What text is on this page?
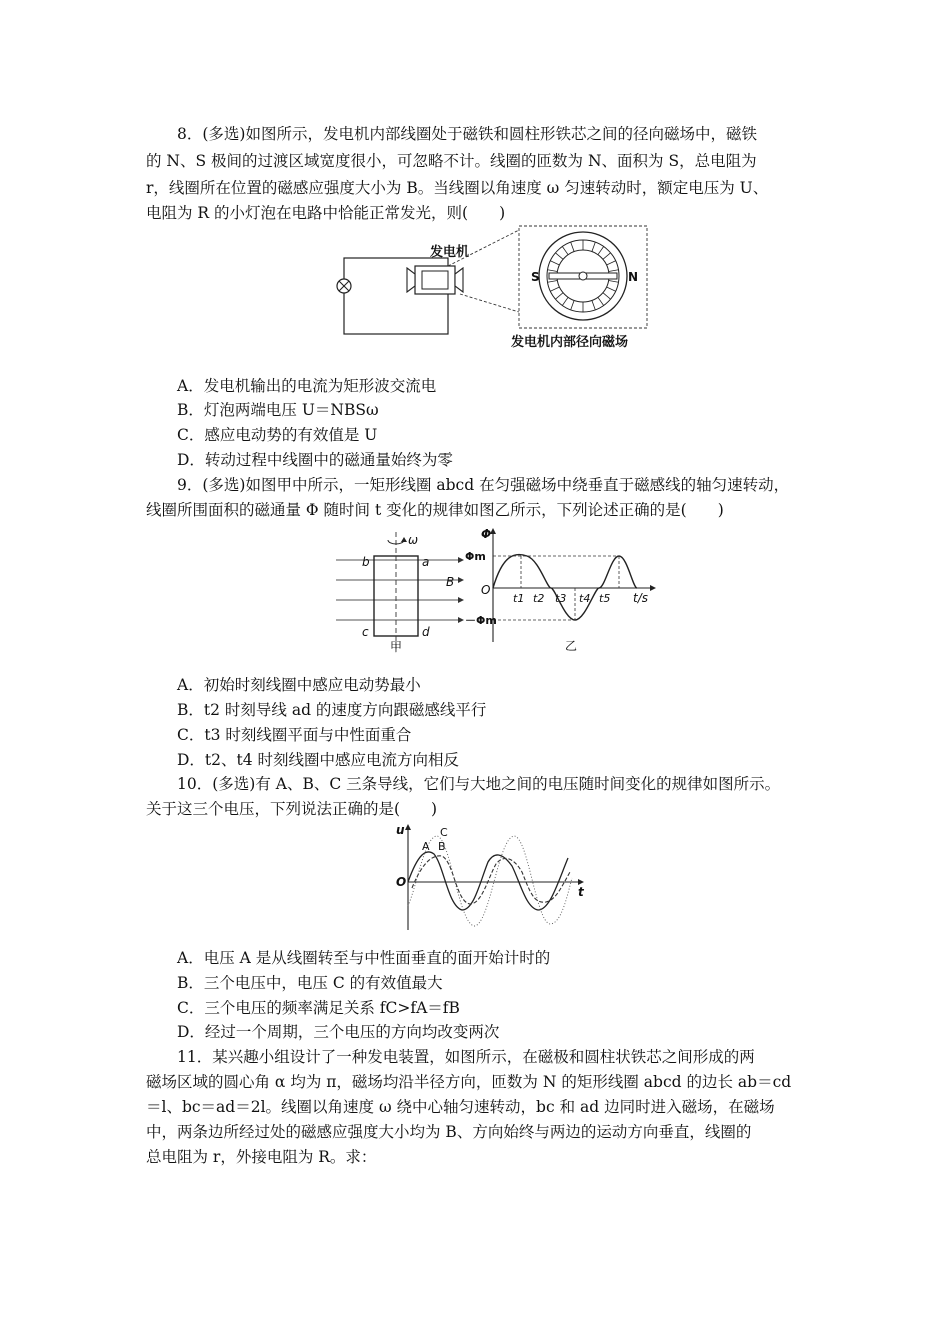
8．(多选)如图所示，发电机内部线圈处于磁铁和圆柱形铁芯之间的径向磁场中，磁铁
的 N、S 极间的过渡区域宽度很小，可忽略不计。线圈的匝数为 N、面积为 S，总电阻为
r，线圈所在位置的磁感应强度大小为 B。当线圈以角速度 ω 匀速转动时，额定电压为 U、
电阻为 R 的小灯泡在电路中恰能正常发光，则(　　)
发电机
S	N
发电机内部径向磁场
A．发电机输出的电流为矩形波交流电
B．灯泡两端电压 U＝NBSω
C．感应电动势的有效值是 U
D．转动过程中线圈中的磁通量始终为零
9．(多选)如图甲中所示，一矩形线圈 abcd 在匀强磁场中绕垂直于磁感线的轴匀速转动，
线圈所围面积的磁通量 Φ 随时间 t 变化的规律如图乙所示，下列论述正确的是(　　)
ω
b	a
c	d
B
甲
Φ
Φm
－Φm
O
t1 t2 t3 t4 t5 t/s
乙
A．初始时刻线圈中感应电动势最小
B．t2 时刻导线 ad 的速度方向跟磁感线平行
C．t3 时刻线圈平面与中性面重合
D．t2、t4 时刻线圈中感应电流方向相反
10．(多选)有 A、B、C 三条导线，它们与大地之间的电压随时间变化的规律如图所示。
关于这三个电压，下列说法正确的是(　　)
u
t
O
A B
C
A．电压 A 是从线圈转至与中性面垂直的面开始计时的
B．三个电压中，电压 C 的有效值最大
C．三个电压的频率满足关系 fC>fA＝fB
D．经过一个周期，三个电压的方向均改变两次
11．某兴趣小组设计了一种发电装置，如图所示，在磁极和圆柱状铁芯之间形成的两
磁场区域的圆心角 α 均为 π，磁场均沿半径方向，匝数为 N 的矩形线圈 abcd 的边长 ab＝cd
＝l、bc＝ad＝2l。线圈以角速度 ω 绕中心轴匀速转动，bc 和 ad 边同时进入磁场，在磁场
中，两条边所经过处的磁感应强度大小均为 B、方向始终与两边的运动方向垂直，线圈的
总电阻为 r，外接电阻为 R。求：
